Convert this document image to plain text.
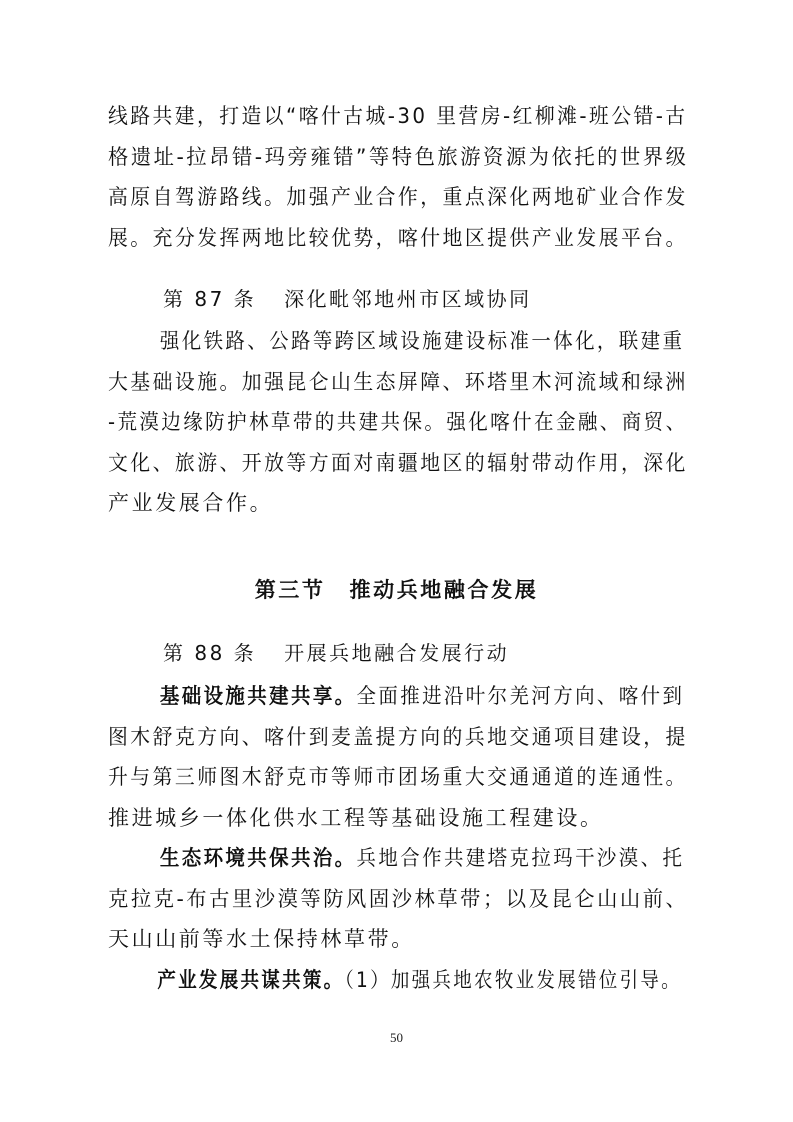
线路共建，打造以“喀什古城-30 里营房-红柳滩-班公错-古
格遗址-拉昂错-玛旁雍错”等特色旅游资源为依托的世界级
高原自驾游路线。加强产业合作，重点深化两地矿业合作发
展。充分发挥两地比较优势，喀什地区提供产业发展平台。
第 87 条 深化毗邻地州市区域协同
强化铁路、公路等跨区域设施建设标准一体化，联建重
大基础设施。加强昆仑山生态屏障、环塔里木河流域和绿洲
-荒漠边缘防护林草带的共建共保。强化喀什在金融、商贸、
文化、旅游、开放等方面对南疆地区的辐射带动作用，深化
产业发展合作。
第三节 推动兵地融合发展
第 88 条 开展兵地融合发展行动
基础设施共建共享。全面推进沿叶尔羌河方向、喀什到
图木舒克方向、喀什到麦盖提方向的兵地交通项目建设，提
升与第三师图木舒克市等师市团场重大交通通道的连通性。
推进城乡一体化供水工程等基础设施工程建设。
生态环境共保共治。兵地合作共建塔克拉玛干沙漠、托
克拉克-布古里沙漠等防风固沙林草带；以及昆仑山山前、
天山山前等水土保持林草带。
产业发展共谋共策。（1）加强兵地农牧业发展错位引导。
50
